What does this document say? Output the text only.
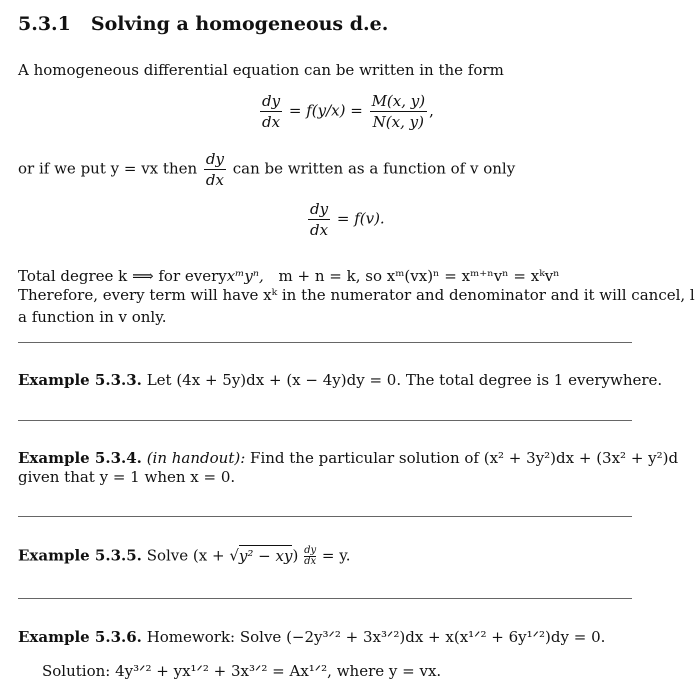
5.3.1 Solving a homogeneous d.e.
A homogeneous differential equation can be written in the form
$\frac{dy}{dx} = f(y/x) = \frac{M(x, y)}{N(x, y)}$ ,
or if we put y = vx then $\frac{dy}{dx}$ can be written as a function of v only
$\frac{dy}{dx} = f(v)$.
Total degree k ⟹ for everyxᵐyⁿ, m + n = k, so xᵐ(vx)ⁿ = xᵐ⁺ⁿvⁿ = xᵏvⁿ
Therefore, every term will have xᵏ in the numerator and denominator and it will cancel, l
a function in v only.
Example 5.3.3. Let (4x + 5y)dx + (x − 4y)dy = 0. The total degree is 1 everywhere.
Example 5.3.4. (in handout): Find the particular solution of (x² + 3y²)dx + (3x² + y²)d
given that y = 1 when x = 0.
Example 5.3.5. Solve $(x + √y^2 - xy) \frac{dy}{dx} = y$.
Example 5.3.6. Homework: Solve (−2y³ᐟ² + 3x³ᐟ²)dx + x(x¹ᐟ² + 6y¹ᐟ²)dy = 0.
Solution: 4y³ᐟ² + yx¹ᐟ² + 3x³ᐟ² = Ax¹ᐟ², where y = vx.
